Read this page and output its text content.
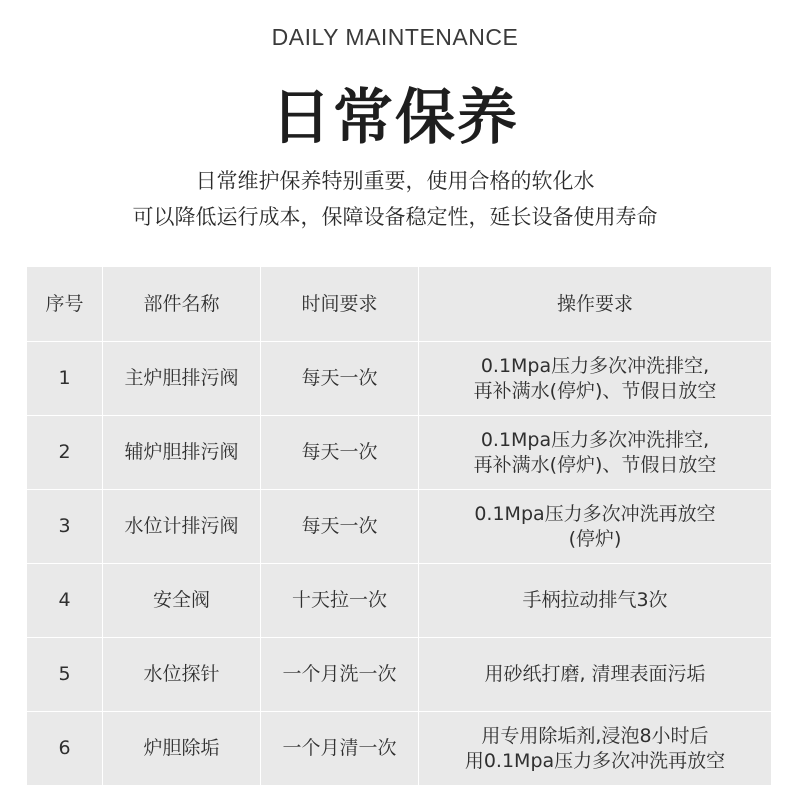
DAILY MAINTENANCE
日常保养
日常维护保养特别重要，使用合格的软化水
可以降低运行成本，保障设备稳定性，延长设备使用寿命
序号	部件名称	时间要求	操作要求
1	主炉胆排污阀	每天一次	0.1Mpa压力多次冲洗排空,
再补满水(停炉)、节假日放空

2	辅炉胆排污阀	每天一次	0.1Mpa压力多次冲洗排空,
再补满水(停炉)、节假日放空

3	水位计排污阀	每天一次	0.1Mpa压力多次冲洗再放空
(停炉)

4	安全阀	十天拉一次	手柄拉动排气3次

5	水位探针	一个月洗一次	用砂纸打磨, 清理表面污垢

6	炉胆除垢	一个月清一次	用专用除垢剂,浸泡8小时后
用0.1Mpa压力多次冲洗再放空
